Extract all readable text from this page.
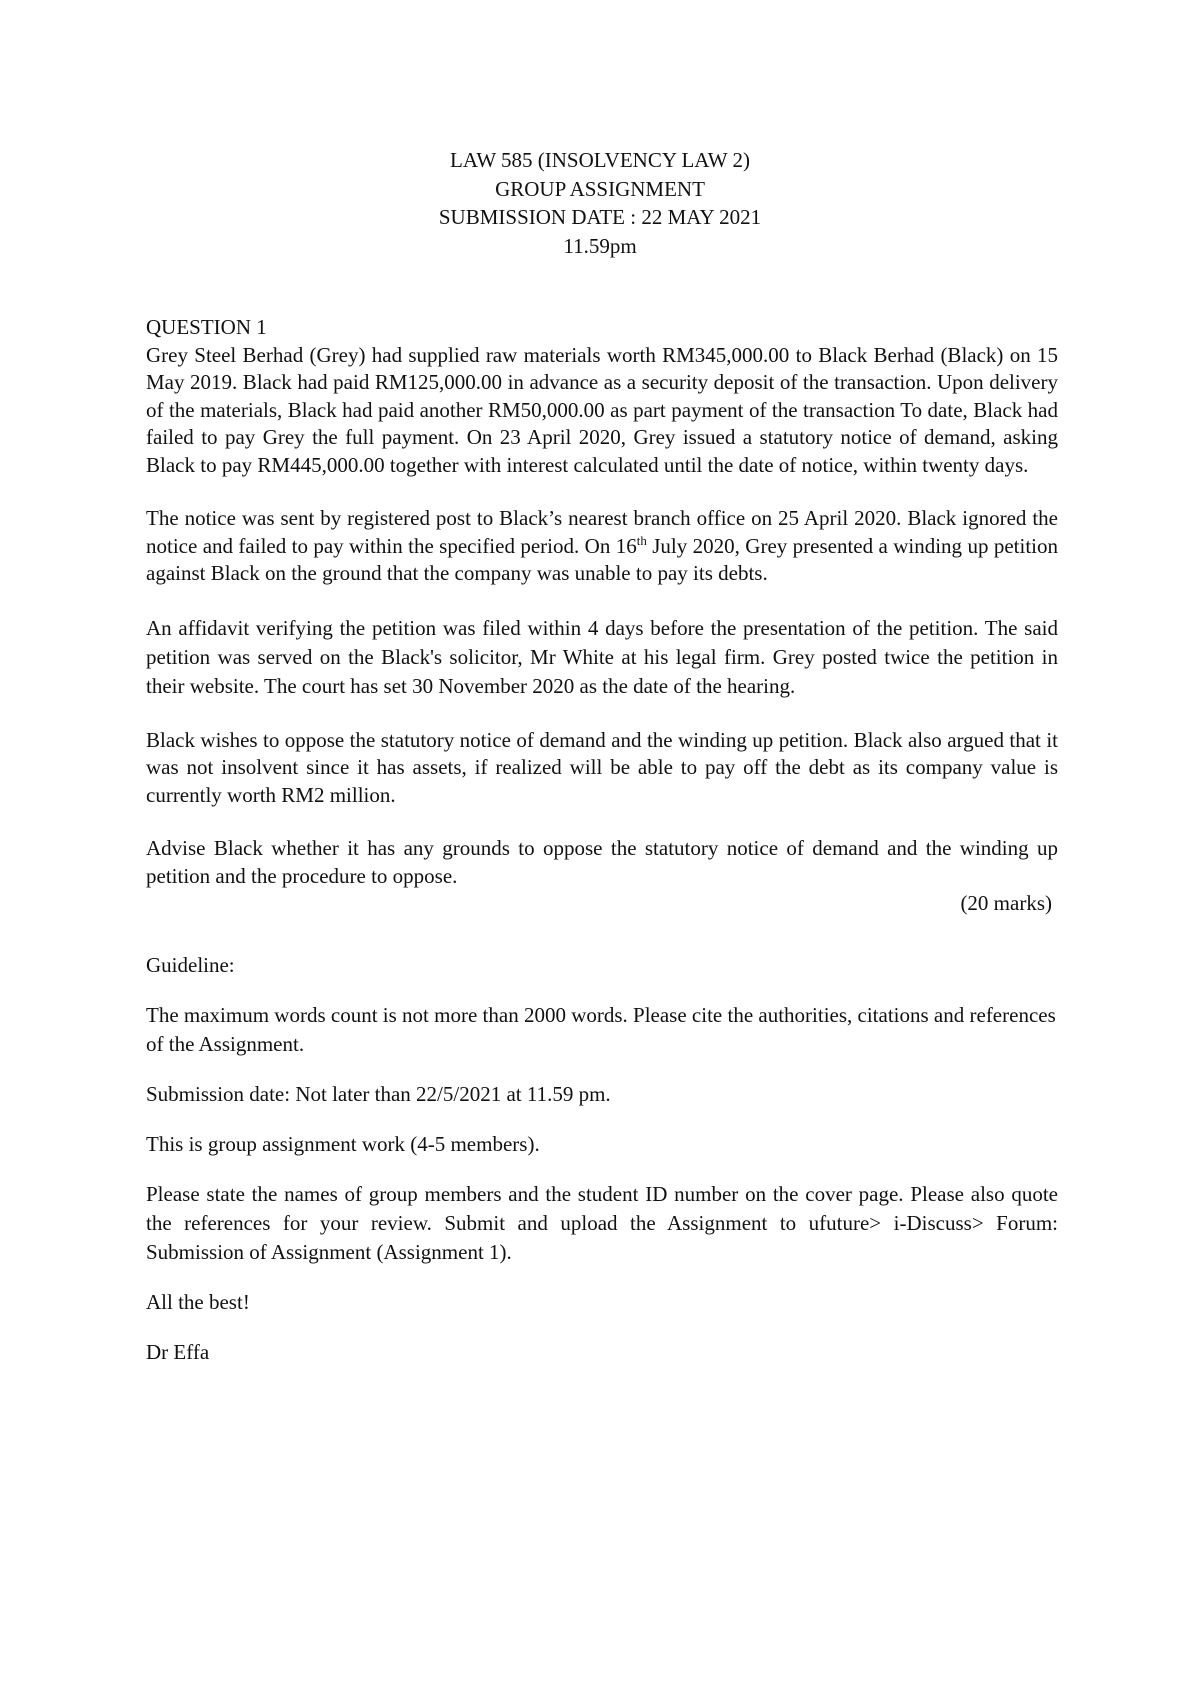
LAW 585 (INSOLVENCY LAW 2)
GROUP ASSIGNMENT
SUBMISSION DATE : 22 MAY 2021
11.59pm
QUESTION 1

Grey Steel Berhad (Grey) had supplied raw materials worth RM345,000.00 to Black Berhad (Black) on 15 May 2019. Black had paid RM125,000.00 in advance as a security deposit of the transaction. Upon delivery of the materials, Black had paid another RM50,000.00 as part payment of the transaction To date, Black had failed to pay Grey the full payment. On 23 April 2020, Grey issued a statutory notice of demand, asking Black to pay RM445,000.00 together with interest calculated until the date of notice, within twenty days.

The notice was sent by registered post to Black’s nearest branch office on 25 April 2020. Black ignored the notice and failed to pay within the specified period. On 16th July 2020, Grey presented a winding up petition against Black on the ground that the company was unable to pay its debts.

An affidavit verifying the petition was filed within 4 days before the presentation of the petition. The said petition was served on the Black's solicitor, Mr White at his legal firm. Grey posted twice the petition in their website. The court has set 30 November 2020 as the date of the hearing.

Black wishes to oppose the statutory notice of demand and the winding up petition. Black also argued that it was not insolvent since it has assets, if realized will be able to pay off the debt as its company value is currently worth RM2 million.

Advise Black whether it has any grounds to oppose the statutory notice of demand and the winding up petition and the procedure to oppose.

(20 marks)

Guideline:

The maximum words count is not more than 2000 words. Please cite the authorities, citations and references of the Assignment.

Submission date: Not later than 22/5/2021 at 11.59 pm.

This is group assignment work (4-5 members).

Please state the names of group members and the student ID number on the cover page. Please also quote the references for your review. Submit and upload the Assignment to ufuture> i-Discuss> Forum: Submission of Assignment (Assignment 1).

All the best!

Dr Effa
